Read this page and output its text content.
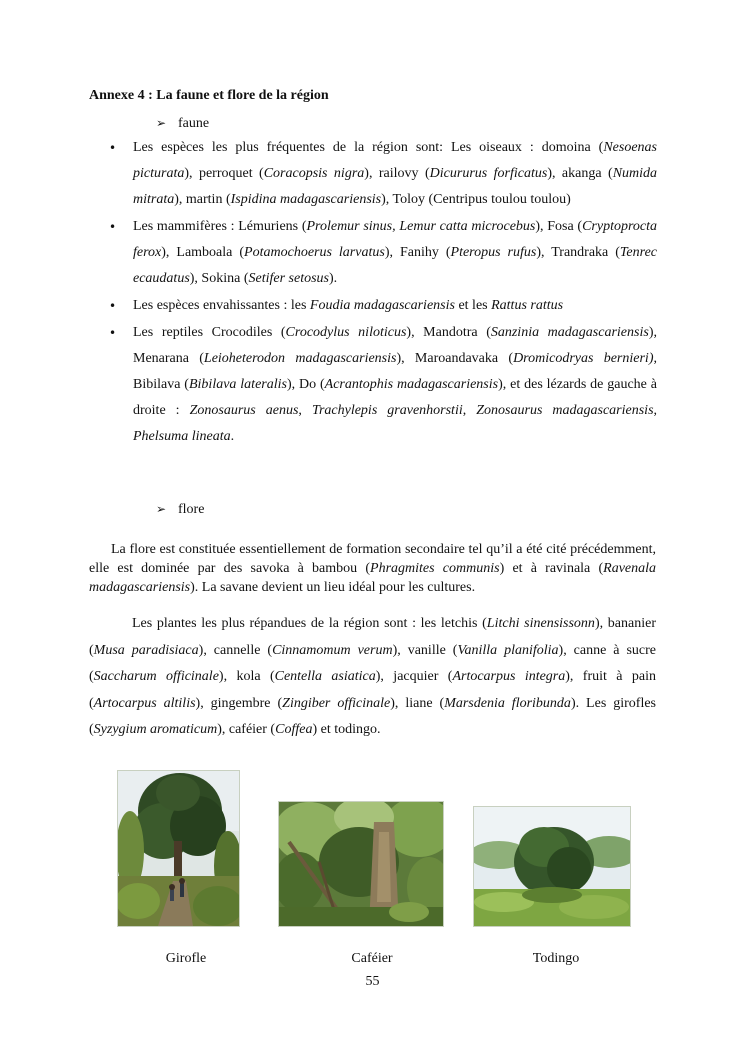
Annexe 4 : La faune et flore de la région
➢ faune
• Les espèces les plus fréquentes de la région sont: Les oiseaux : domoina (Nesoenas picturata), perroquet (Coracopsis nigra), railovy (Dicururus forficatus), akanga (Numida mitrata), martin (Ispidina madagascariensis), Toloy (Centripus toulou toulou)
• Les mammifères : Lémuriens (Prolemur sinus, Lemur catta microcebus), Fosa (Cryptoprocta ferox), Lamboala (Potamochoerus larvatus), Fanihy (Pteropus rufus), Trandraka (Tenrec ecaudatus), Sokina (Setifer setosus).
• Les espèces envahissantes : les Foudia madagascariensis et les Rattus rattus
• Les reptiles Crocodiles (Crocodylus niloticus), Mandotra (Sanzinia madagascariensis), Menarana (Leioheterodon madagascariensis), Maroandavaka (Dromicodryas bernieri), Bibilava (Bibilava lateralis), Do (Acrantophis madagascariensis), et des lézards de gauche à droite : Zonosaurus aenus, Trachylepis gravenhorstii, Zonosaurus madagascariensis, Phelsuma lineata.
➢ flore

La flore est constituée essentiellement de formation secondaire tel qu’il a été cité précédemment, elle est dominée par des savoka à bambou (Phragmites communis) et à ravinala (Ravenala madagascariensis). La savane devient un lieu idéal pour les cultures.

Les plantes les plus répandues de la région sont : les letchis (Litchi sinensissonn), bananier (Musa paradisiaca), cannelle (Cinnamomum verum), vanille (Vanilla planifolia), canne à sucre (Saccharum officinale), kola (Centella asiatica), jacquier (Artocarpus integra), fruit à pain (Artocarpus altilis), gingembre (Zingiber officinale), liane (Marsdenia floribunda). Les girofles (Syzygium aromaticum), caféier (Coffea) et todingo.

Girofle	Caféier	Todingo
55
